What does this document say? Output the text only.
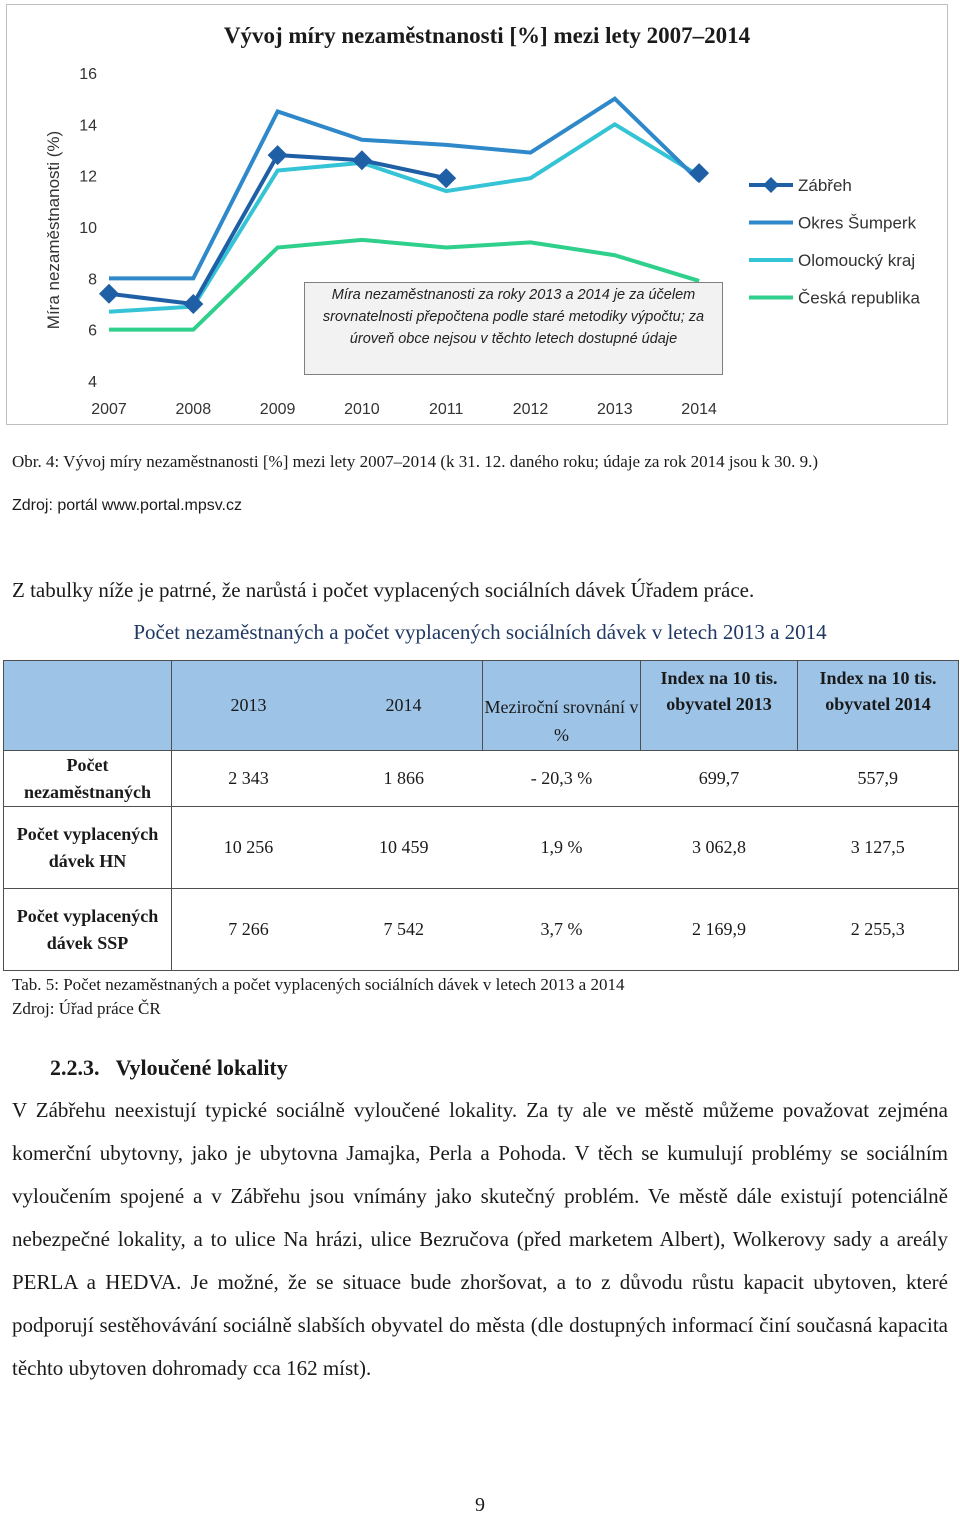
Vývoj míry nezaměstnanosti [%] mezi lety 2007–2014
Míra nezaměstnanosti (%)
4
6
8
10
12
14
16
2007	2008	2009	2010	2011	2012	2013	2014
Zábřeh
Okres Šumperk
Olomoucký kraj
Česká republika
Míra nezaměstnanosti za roky 2013 a 2014 je za účelem srovnatelnosti přepočtena podle staré metodiky výpočtu; za úroveň obce nejsou v těchto letech dostupné údaje
Obr. 4: Vývoj míry nezaměstnanosti [%] mezi lety 2007–2014 (k 31. 12. daného roku; údaje za rok 2014 jsou k 30. 9.)
Zdroj: portál www.portal.mpsv.cz
Z tabulky níže je patrné, že narůstá i počet vyplacených sociálních dávek Úřadem práce.
Počet nezaměstnaných a počet vyplacených sociálních dávek v letech 2013 a 2014
	2013	2014	Meziroční srovnání v %	Index na 10 tis. obyvatel 2013	Index na 10 tis. obyvatel 2014
Počet nezaměstnaných	2 343	1 866	- 20,3 %	699,7	557,9
Počet vyplacených dávek HN	10 256	10 459	1,9 %	3 062,8	3 127,5
Počet vyplacených dávek SSP	7 266	7 542	3,7 %	2 169,9	2 255,3
Tab. 5: Počet nezaměstnaných a počet vyplacených sociálních dávek v letech 2013 a 2014
Zdroj: Úřad práce ČR
2.2.3. Vyloučené lokality
V Zábřehu neexistují typické sociálně vyloučené lokality. Za ty ale ve městě můžeme považovat zejména komerční ubytovny, jako je ubytovna Jamajka, Perla a Pohoda. V těch se kumulují problémy se sociálním vyloučením spojené a v Zábřehu jsou vnímány jako skutečný problém. Ve městě dále existují potenciálně nebezpečné lokality, a to ulice Na hrázi, ulice Bezručova (před marketem Albert), Wolkerovy sady a areály PERLA a HEDVA. Je možné, že se situace bude zhoršovat, a to z důvodu růstu kapacit ubytoven, které podporují sestěhovávání sociálně slabších obyvatel do města (dle dostupných informací činí současná kapacita těchto ubytoven dohromady cca 162 míst).
9
